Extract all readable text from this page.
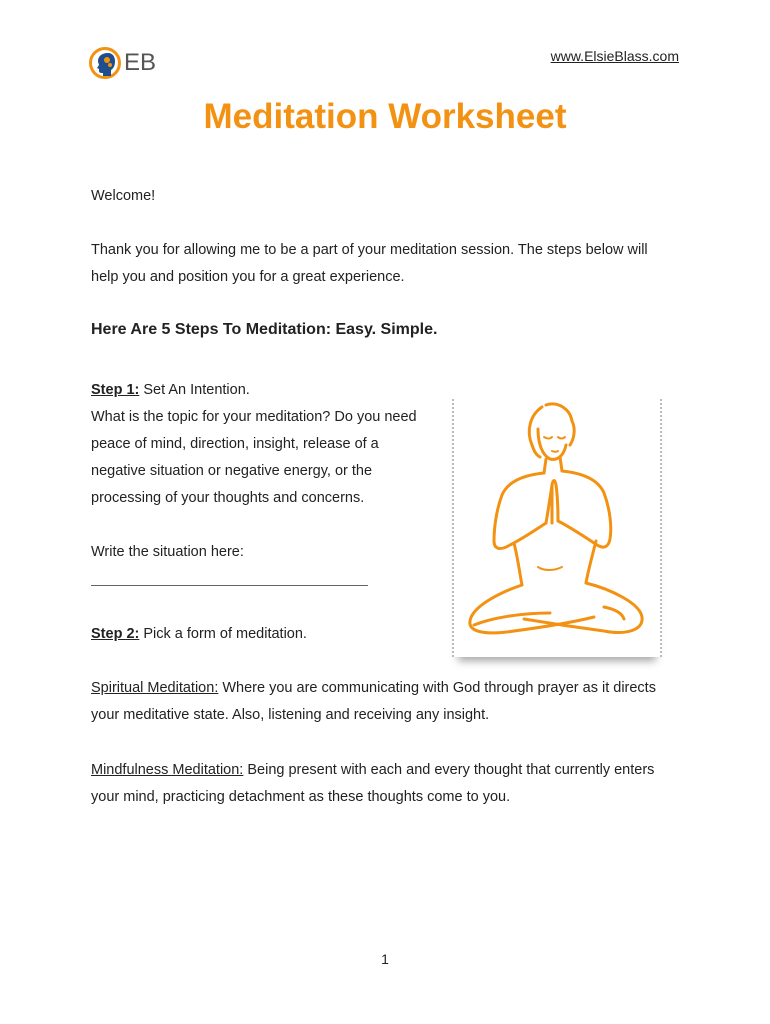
EB	www.ElsieBlass.com
Meditation Worksheet
Welcome!
Thank you for allowing me to be a part of your meditation session. The steps below will
help you and position you for a great experience.
Here Are 5 Steps To Meditation: Easy. Simple.
Step 1: Set An Intention.
What is the topic for your meditation? Do you need
peace of mind, direction, insight, release of a
negative situation or negative energy, or the
processing of your thoughts and concerns.
Write the situation here:
Step 2: Pick a form of meditation.
Spiritual Meditation: Where you are communicating with God through prayer as it directs
your meditative state. Also, listening and receiving any insight.
Mindfulness Meditation: Being present with each and every thought that currently enters
your mind, practicing detachment as these thoughts come to you.
1
